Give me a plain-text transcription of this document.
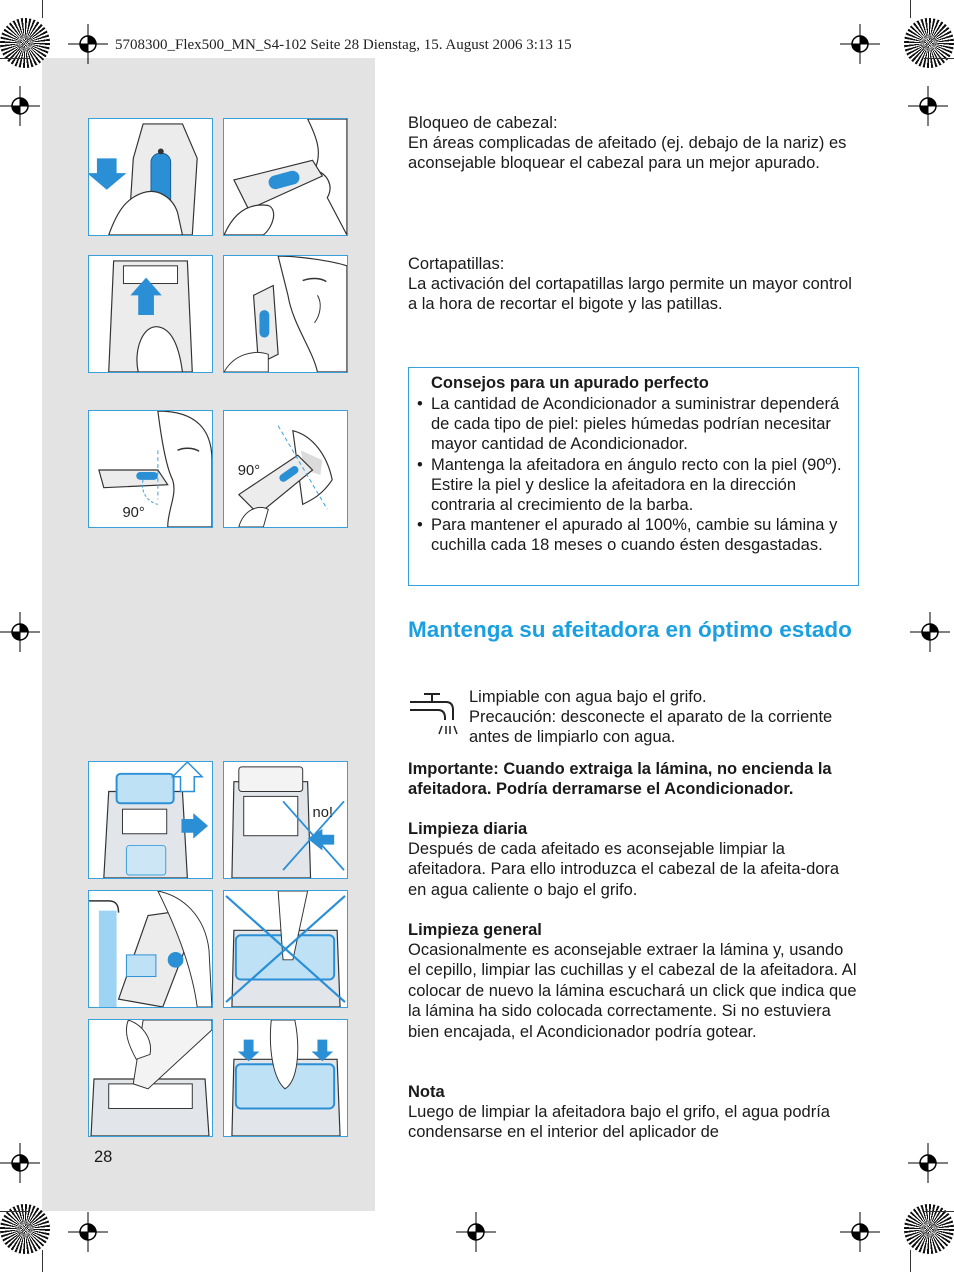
5708300_Flex500_MN_S4-102 Seite 28 Dienstag, 15. August 2006 3:13 15
90°
90°
no!
Bloqueo de cabezal:
En áreas complicadas de afeitado (ej. debajo de la nariz) es aconsejable bloquear el cabezal para un mejor apurado.
Cortapatillas:
La activación del cortapatillas largo permite un mayor control a la hora de recortar el bigote y las patillas.
Consejos para un apurado perfecto
• La cantidad de Acondicionador a suministrar dependerá de cada tipo de piel: pieles húmedas podrían necesitar mayor cantidad de Acondicionador.
• Mantenga la afeitadora en ángulo recto con la piel (90º). Estire la piel y deslice la afeitadora en la dirección contraria al crecimiento de la barba.
• Para mantener el apurado al 100%, cambie su lámina y cuchilla cada 18 meses o cuando ésten desgastadas.
Mantenga su afeitadora en óptimo estado
Limpiable con agua bajo el grifo.
Precaución: desconecte el aparato de la corriente antes de limpiarlo con agua.
Importante: Cuando extraiga la lámina, no encienda la afeitadora. Podría derramarse el Acondicionador.
Limpieza diaria
Después de cada afeitado es aconsejable limpiar la afeitadora. Para ello introduzca el cabezal de la afeita-dora en agua caliente o bajo el grifo.
Limpieza general
Ocasionalmente es aconsejable extraer la lámina y, usando el cepillo, limpiar las cuchillas y el cabezal de la afeitadora. Al colocar de nuevo la lámina escuchará un click que indica que la lámina ha sido colocada correctamente. Si no estuviera bien encajada, el Acondicionador podría gotear.
Nota
Luego de limpiar la afeitadora bajo el grifo, el agua podría condensarse en el interior del aplicador de
28
